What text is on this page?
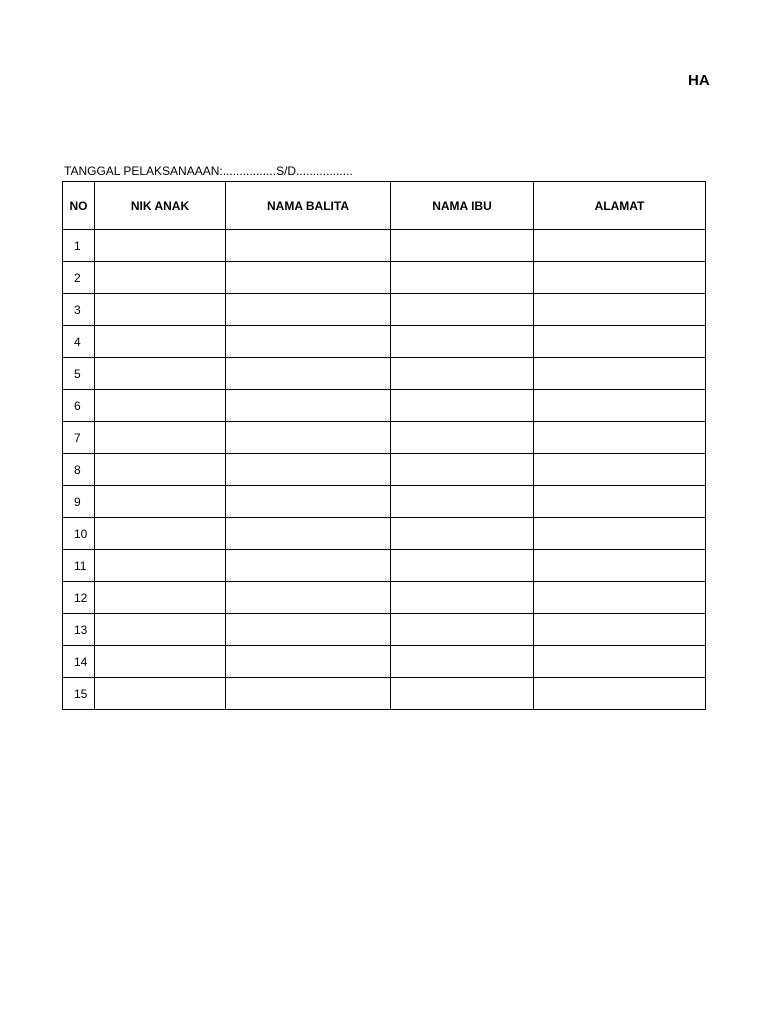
HA
TANGGAL PELAKSANAAAN:................S/D.................
NO	NIK ANAK	NAMA BALITA	NAMA IBU	ALAMAT
1				
2				
3				
4				
5				
6				
7				
8				
9				
10				
11				
12				
13				
14				
15				
